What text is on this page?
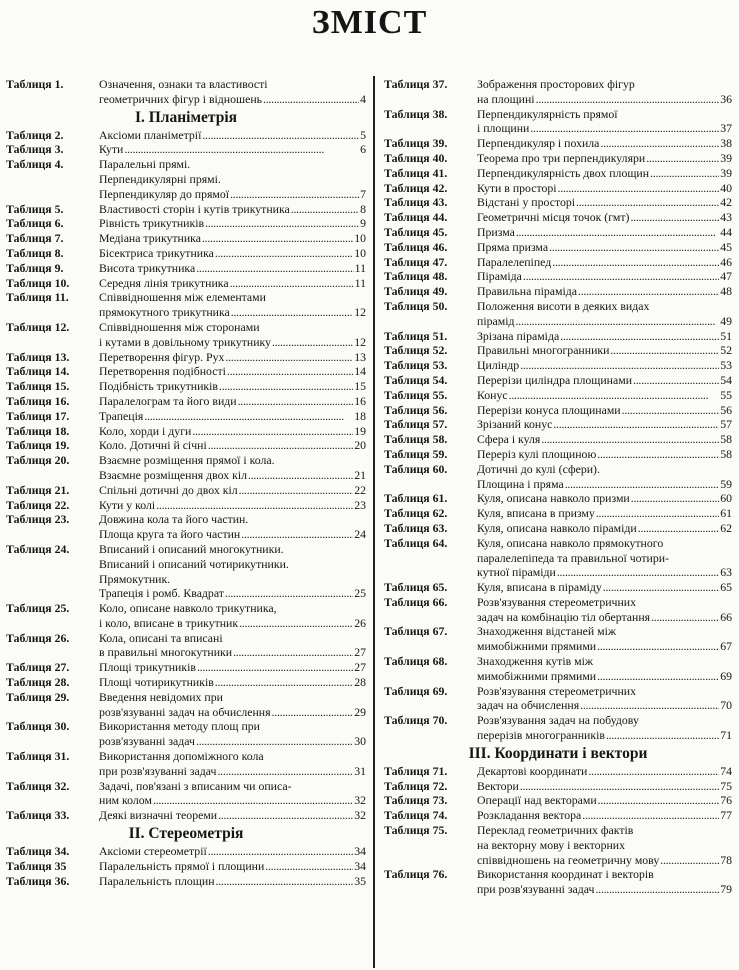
ЗМІСТ
Таблиця 1.	Означення, ознаки та властивості
геометричних фігур і відношень . . .	4
I. Планіметрія
Таблиця 2.	Аксіоми планіметрії . . .	5
Таблиця 3.	Кути . . .	6
Таблиця 4.	Паралельні прямі.
Перпендикулярні прямі.
Перпендикуляр до прямої . . .	7
Таблиця 5.	Властивості сторін і кутів трикутника . . .	8
Таблиця 6.	Рівність трикутників . . .	9
Таблиця 7.	Медіана трикутника . . .	10
Таблиця 8.	Бісектриса трикутника . . .	10
Таблиця 9.	Висота трикутника . . .	11
Таблиця 10.	Середня лінія трикутника . . .	11
Таблиця 11.	Співвідношення між елементами
прямокутного трикутника . . .	12
Таблиця 12.	Співвідношення між сторонами
і кутами в довільному трикутнику . . .	12
Таблиця 13.	Перетворення фігур. Рух . . .	13
Таблиця 14.	Перетворення подібності . . .	14
Таблиця 15.	Подібність трикутників . . .	15
Таблиця 16.	Паралелограм та його види . . .	16
Таблиця 17.	Трапеція . . .	18
Таблиця 18.	Коло, хорди і дуги . . .	19
Таблиця 19.	Коло. Дотичні й січні . . .	20
Таблиця 20.	Взаємне розміщення прямої і кола.
Взаємне розміщення двох кіл . . .	21
Таблиця 21.	Спільні дотичні до двох кіл . . .	22
Таблиця 22.	Кути у колі . . .	23
Таблиця 23.	Довжина кола та його частин.
Площа круга та його частин . . .	24
Таблиця 24.	Вписаний і описаний многокутники.
Вписаний і описаний чотирикутники.
Прямокутник.
Трапеція і ромб. Квадрат . . .	25
Таблиця 25.	Коло, описане навколо трикутника,
і коло, вписане в трикутник . . .	26
Таблиця 26.	Кола, описані та вписані
в правильні многокутники . . .	27
Таблиця 27.	Площі трикутників . . .	27
Таблиця 28.	Площі чотирикутників . . .	28
Таблиця 29.	Введення невідомих при
розв'язуванні задач на обчислення . . .	29
Таблиця 30.	Використання методу площ при
розв'язуванні задач . . .	30
Таблиця 31.	Використання допоміжного кола
при розв'язуванні задач . . .	31
Таблиця 32.	Задачі, пов'язані з вписаним чи описа-
ним колом . . .	32
Таблиця 33.	Деякі визначні теореми . . .	32
II. Стереометрія
Таблиця 34.	Аксіоми стереометрії . . .	34
Таблиця 35	Паралельність прямої і площини . . .	34
Таблиця 36.	Паралельність площин . . .	35
Таблиця 37.	Зображення просторових фігур
на площині . . .	36
Таблиця 38.	Перпендикулярність прямої
і площини . . .	37
Таблиця 39.	Перпендикуляр і похила . . .	38
Таблиця 40.	Теорема про три перпендикуляри . . .	39
Таблиця 41.	Перпендикулярність двох площин . . .	39
Таблиця 42.	Кути в просторі . . .	40
Таблиця 43.	Відстані у просторі . . .	42
Таблиця 44.	Геометричні місця точок (гмт) . . .	43
Таблиця 45.	Призма . . .	44
Таблиця 46.	Пряма призма . . .	45
Таблиця 47.	Паралелепіпед . . .	46
Таблиця 48.	Піраміда . . .	47
Таблиця 49.	Правильна піраміда . . .	48
Таблиця 50.	Положення висоти в деяких видах
пірамід . . .	49
Таблиця 51.	Зрізана піраміда . . .	51
Таблиця 52.	Правильні многогранники . . .	52
Таблиця 53.	Циліндр . . .	53
Таблиця 54.	Перерізи циліндра площинами . . .	54
Таблиця 55.	Конус . . .	55
Таблиця 56.	Перерізи конуса площинами . . .	56
Таблиця 57.	Зрізаний конус . . .	57
Таблиця 58.	Сфера і куля . . .	58
Таблиця 59.	Переріз кулі площиною . . .	58
Таблиця 60.	Дотичні до кулі (сфери).
Площина і пряма . . .	59
Таблиця 61.	Куля, описана навколо призми . . .	60
Таблиця 62.	Куля, вписана в призму . . .	61
Таблиця 63.	Куля, описана навколо піраміди . . .	62
Таблиця 64.	Куля, описана навколо прямокутного
паралелепіпеда та правильної чотири-
кутної піраміди . . .	63
Таблиця 65.	Куля, вписана в піраміду . . .	65
Таблиця 66.	Розв'язування стереометричних
задач на комбінацію тіл обертання . . .	66
Таблиця 67.	Знаходження відстаней між
мимобіжними прямими . . .	67
Таблиця 68.	Знаходження кутів між
мимобіжними прямими . . .	69
Таблиця 69.	Розв'язування стереометричних
задач на обчислення . . .	70
Таблиця 70.	Розв'язування задач на побудову
перерізів многогранників . . .	71
III. Координати і вектори
Таблиця 71.	Декартові координати . . .	74
Таблиця 72.	Вектори . . .	75
Таблиця 73.	Операції над векторами . . .	76
Таблиця 74.	Розкладання вектора . . .	77
Таблиця 75.	Переклад геометричних фактів
на векторну мову і векторних
співвідношень на геометричну мову . . .	78
Таблиця 76.	Використання координат і векторів
при розв'язуванні задач . . .	79
